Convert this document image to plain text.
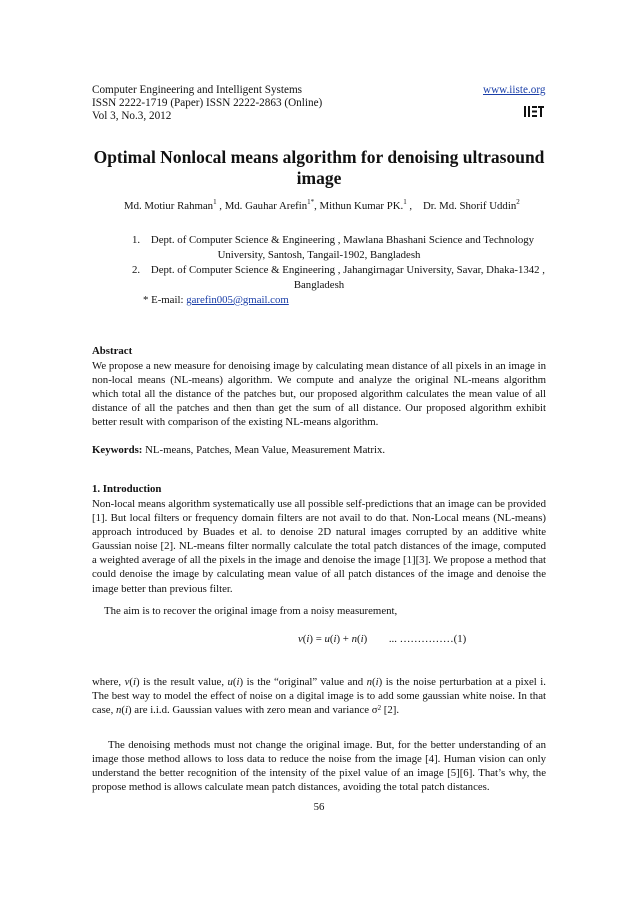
Computer Engineering and Intelligent Systems	www.iiste.org
ISSN 2222-1719 (Paper) ISSN 2222-2863 (Online)
Vol 3, No.3, 2012
Optimal Nonlocal means algorithm for denoising ultrasound image
Md. Motiur Rahman$^1$ , Md. Gauhar Arefin$^{1*}$, Mithun Kumar PK.$^1$ ,    Dr. Md. Shorif Uddin$^2$
1. Dept. of Computer Science & Engineering , Mawlana Bhashani Science and Technology
University, Santosh, Tangail-1902, Bangladesh
2. Dept. of Computer Science & Engineering , Jahangirnagar University, Savar, Dhaka-1342 ,
Bangladesh
* E-mail: garefin005@gmail.com
Abstract
We propose a new measure for denoising image by calculating mean distance of all pixels in an image in non-local means (NL-means) algorithm. We compute and analyze the original NL-means algorithm which total all the distance of the patches but, our proposed algorithm calculates the mean value of all distance of all the patches and then than get the sum of all distance. Our proposed algorithm exhibit better result with comparison of the existing NL-means algorithm.
Keywords: NL-means, Patches, Mean Value, Measurement Matrix.
1. Introduction
Non-local means algorithm systematically use all possible self-predictions that an image can be provided [1]. But local filters or frequency domain filters are not avail to do that. Non-Local means (NL-means) approach introduced by Buades et al. to denoise 2D natural images corrupted by an additive white Gaussian noise [2]. NL-means filter normally calculate the total patch distances of the image, computed a weighted average of all the pixels in the image and denoise the image [1][3]. We propose a method that could denoise the image by calculating mean value of all patch distances of the image and denoise the image better than previous filter.
The aim is to recover the original image from a noisy measurement,
v(i) = u(i) + n(i)        ... ……………(1)
where, v(i) is the result value, u(i) is the “original” value and n(i) is the noise perturbation at a pixel i. The best way to model the effect of noise on a digital image is to add some gaussian white noise. In that case, n(i) are i.i.d. Gaussian values with zero mean and variance $\sigma^2$ [2].
The denoising methods must not change the original image. But, for the better understanding of an image those method allows to loss data to reduce the noise from the image [4]. Human vision can only understand the better recognition of the intensity of the pixel value of an image [5][6]. That’s why, the propose method is allows calculate mean patch distances, avoiding the total patch distances.
56
